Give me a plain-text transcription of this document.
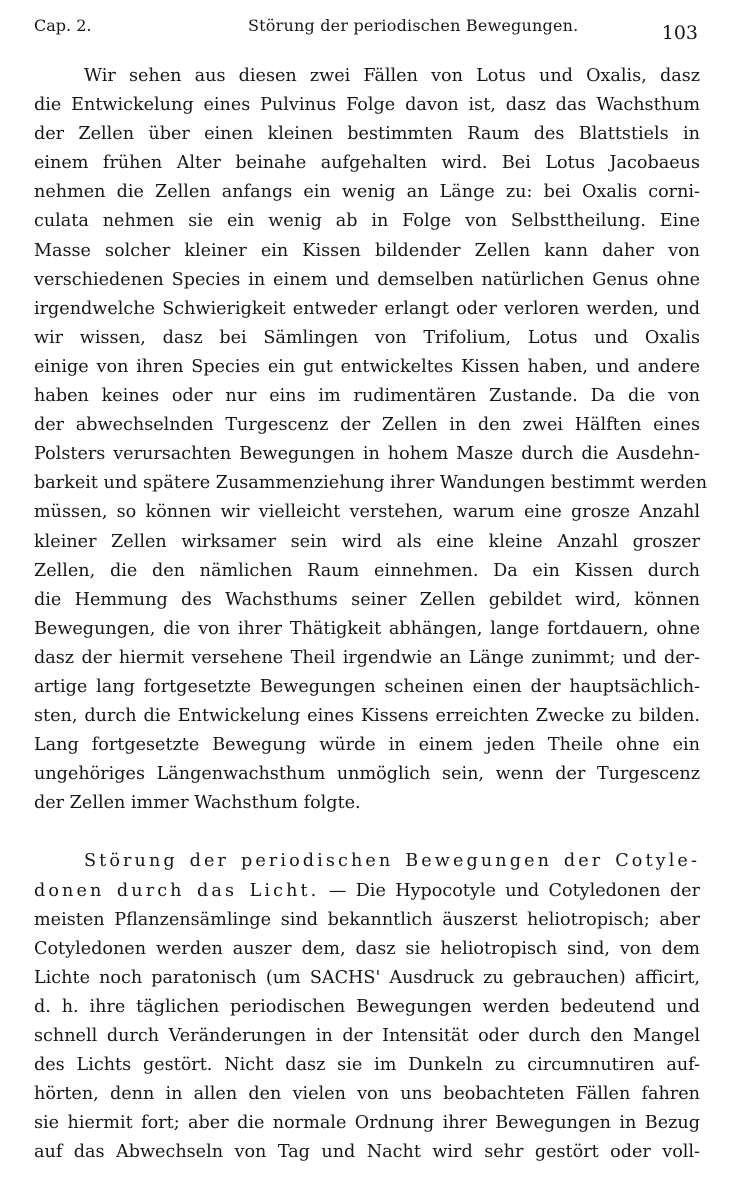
Cap. 2.	Störung der periodischen Bewegungen.	103
Wir sehen aus diesen zwei Fällen von Lotus und Oxalis, dasz
die Entwickelung eines Pulvinus Folge davon ist, dasz das Wachsthum
der Zellen über einen kleinen bestimmten Raum des Blattstiels in
einem frühen Alter beinahe aufgehalten wird. Bei Lotus Jacobaeus
nehmen die Zellen anfangs ein wenig an Länge zu: bei Oxalis corni-
culata nehmen sie ein wenig ab in Folge von Selbsttheilung. Eine
Masse solcher kleiner ein Kissen bildender Zellen kann daher von
verschiedenen Species in einem und demselben natürlichen Genus ohne
irgendwelche Schwierigkeit entweder erlangt oder verloren werden, und
wir wissen, dasz bei Sämlingen von Trifolium, Lotus und Oxalis
einige von ihren Species ein gut entwickeltes Kissen haben, und andere
haben keines oder nur eins im rudimentären Zustande. Da die von
der abwechselnden Turgescenz der Zellen in den zwei Hälften eines
Polsters verursachten Bewegungen in hohem Masze durch die Ausdehn-
barkeit und spätere Zusammenziehung ihrer Wandungen bestimmt werden
müssen, so können wir vielleicht verstehen, warum eine grosze Anzahl
kleiner Zellen wirksamer sein wird als eine kleine Anzahl groszer
Zellen, die den nämlichen Raum einnehmen. Da ein Kissen durch
die Hemmung des Wachsthums seiner Zellen gebildet wird, können
Bewegungen, die von ihrer Thätigkeit abhängen, lange fortdauern, ohne
dasz der hiermit versehene Theil irgendwie an Länge zunimmt; und der-
artige lang fortgesetzte Bewegungen scheinen einen der hauptsächlich-
sten, durch die Entwickelung eines Kissens erreichten Zwecke zu bilden.
Lang fortgesetzte Bewegung würde in einem jeden Theile ohne ein
ungehöriges Längenwachsthum unmöglich sein, wenn der Turgescenz
der Zellen immer Wachsthum folgte.
Störung der periodischen Bewegungen der Cotyle-
donen durch das Licht. — Die Hypocotyle und Cotyledonen der
meisten Pflanzensämlinge sind bekanntlich äuszerst heliotropisch; aber
Cotyledonen werden auszer dem, dasz sie heliotropisch sind, von dem
Lichte noch paratonisch (um SACHS' Ausdruck zu gebrauchen) afficirt,
d. h. ihre täglichen periodischen Bewegungen werden bedeutend und
schnell durch Veränderungen in der Intensität oder durch den Mangel
des Lichts gestört. Nicht dasz sie im Dunkeln zu circumnutiren auf-
hörten, denn in allen den vielen von uns beobachteten Fällen fahren
sie hiermit fort; aber die normale Ordnung ihrer Bewegungen in Bezug
auf das Abwechseln von Tag und Nacht wird sehr gestört oder voll-
